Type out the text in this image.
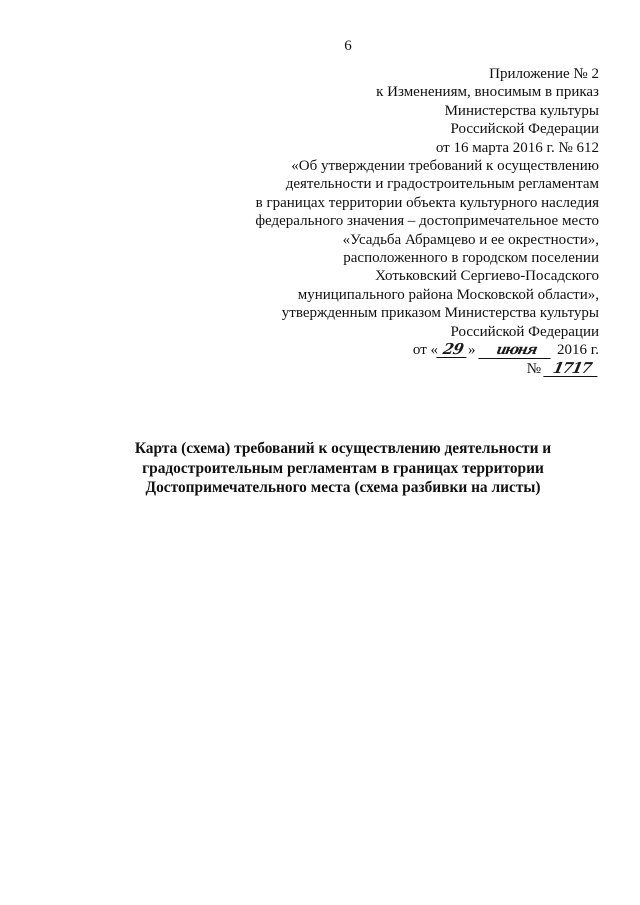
6
Приложение № 2
к Изменениям, вносимым в приказ
Министерства культуры
Российской Федерации
от 16 марта 2016 г. № 612
«Об утверждении требований к осуществлению
деятельности и градостроительным регламентам
в границах территории объекта культурного наследия
федерального значения – достопримечательное место
«Усадьба Абрамцево и ее окрестности»,
расположенного в городском поселении
Хотьковский Сергиево-Посадского
муниципального района Московской области»,
утвержденным приказом Министерства культуры
Российской Федерации
от « 29 » июня 2016 г.
№ 1717
Карта (схема) требований к осуществлению деятельности и
градостроительным регламентам в границах территории
Достопримечательного места (схема разбивки на листы)
